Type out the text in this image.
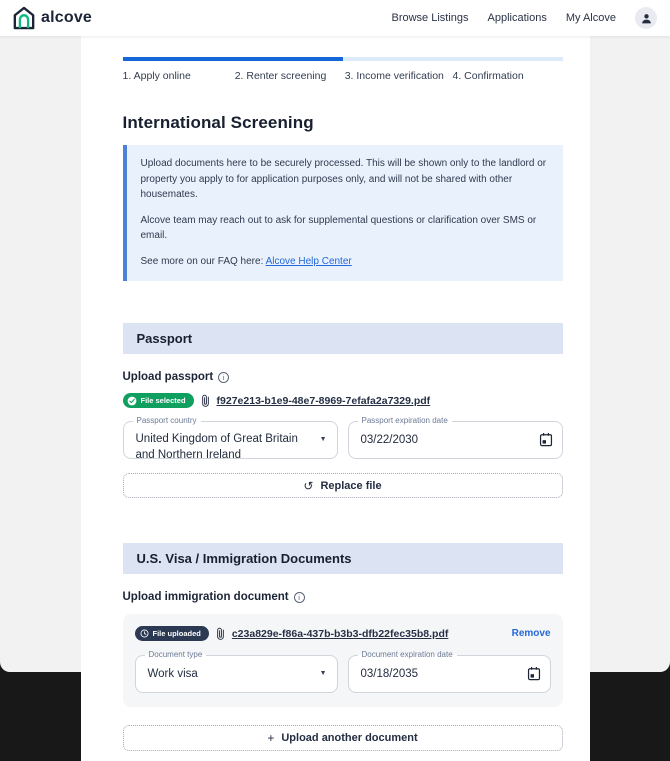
alcove	Browse Listings Applications My Alcove
1. Apply online	2. Renter screening	3. Income verification 4. Confirmation
International Screening

Upload documents here to be securely processed. This will be shown only to the landlord or property you apply to for application purposes only, and will not be shared with other housemates.

Alcove team may reach out to ask for supplemental questions or clarification over SMS or email.

See more on our FAQ here: Alcove Help Center

Passport
Upload passport	i
File selected	f927e213-b1e9-48e7-8969-7efafa2a7329.pdf
Passport country
United Kingdom of Great Britain and Northern Ireland
▼
Passport expiration date
03/22/2030
↺ Replace file
U.S. Visa / Immigration Documents
Upload immigration document	i
File uploaded	c23a829e-f86a-437b-b3b3-dfb22fec35b8.pdf	Remove
Document type
Work visa	▼
Document expiration date
03/18/2035
+ Upload another document
